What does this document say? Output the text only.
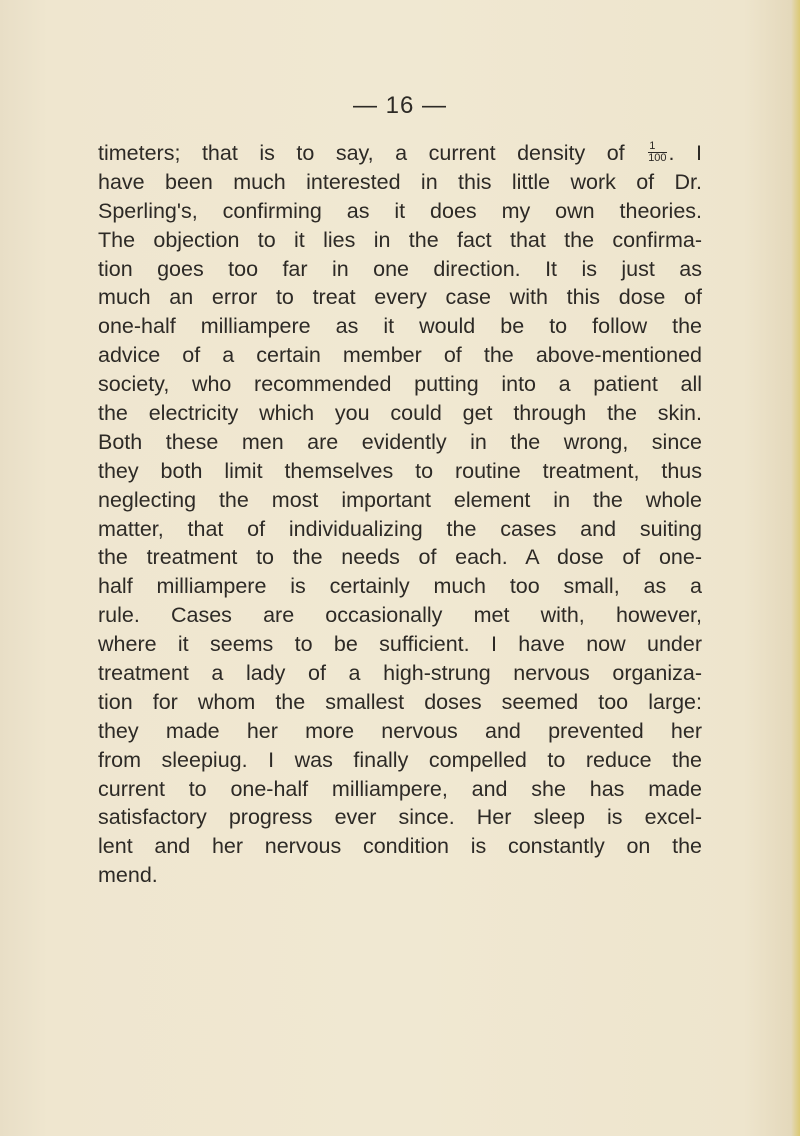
— 16 —
timeters; that is to say, a current density of $\frac{1}{100}$ . I
have been much interested in this little work of Dr.
Sperling's, confirming as it does my own theories.
The objection to it lies in the fact that the confirma-
tion goes too far in one direction. It is just as
much an error to treat every case with this dose of
one-half milliampere as it would be to follow the
advice of a certain member of the above-mentioned
society, who recommended putting into a patient all
the electricity which you could get through the skin.
Both these men are evidently in the wrong, since
they both limit themselves to routine treatment, thus
neglecting the most important element in the whole
matter, that of individualizing the cases and suiting
the treatment to the needs of each. A dose of one-
half milliampere is certainly much too small, as a
rule. Cases are occasionally met with, however,
where it seems to be sufficient. I have now under
treatment a lady of a high-strung nervous organiza-
tion for whom the smallest doses seemed too large:
they made her more nervous and prevented her
from sleepiug. I was finally compelled to reduce the
current to one-half milliampere, and she has made
satisfactory progress ever since. Her sleep is excel-
lent and her nervous condition is constantly on the
mend.
